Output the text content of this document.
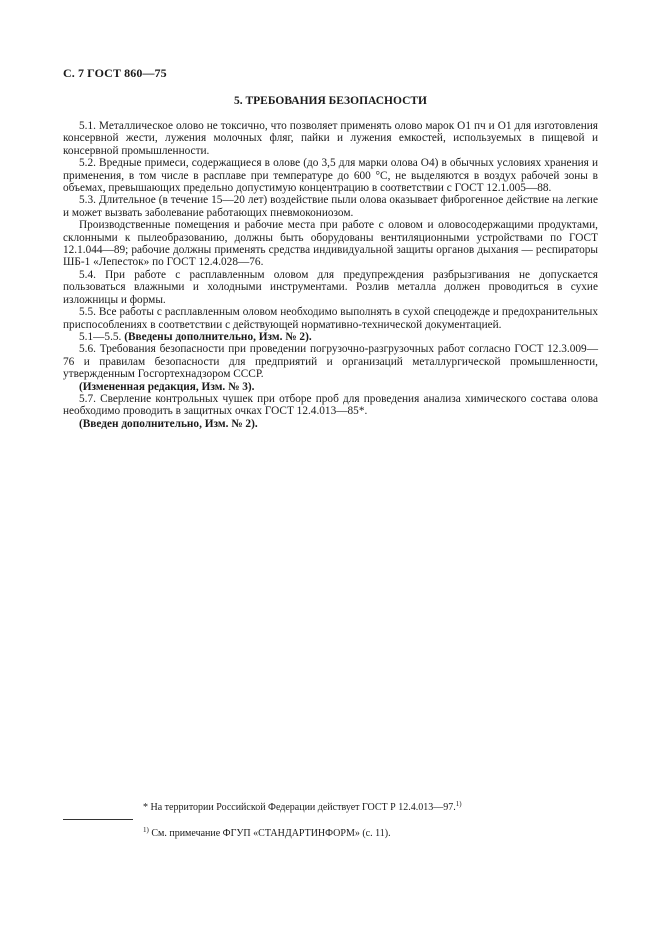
С. 7 ГОСТ 860—75
5. ТРЕБОВАНИЯ БЕЗОПАСНОСТИ

5.1. Металлическое олово не токсично, что позволяет применять олово марок О1 пч и О1 для изготовления консервной жести, лужения молочных фляг, пайки и лужения емкостей, используемых в пищевой и консервной промышленности.

5.2. Вредные примеси, содержащиеся в олове (до 3,5 для марки олова О4) в обычных условиях хранения и применения, в том числе в расплаве при температуре до 600 °С, не выделяются в воздух рабочей зоны в объемах, превышающих предельно допустимую концентрацию в соответствии с ГОСТ 12.1.005—88.

5.3. Длительное (в течение 15—20 лет) воздействие пыли олова оказывает фиброгенное действие на легкие и может вызвать заболевание работающих пневмокониозом.

Производственные помещения и рабочие места при работе с оловом и оловосодержащими продуктами, склонными к пылеобразованию, должны быть оборудованы вентиляционными устройствами по ГОСТ 12.1.044—89; рабочие должны применять средства индивидуальной защиты органов дыхания — респираторы ШБ-1 «Лепесток» по ГОСТ 12.4.028—76.

5.4. При работе с расплавленным оловом для предупреждения разбрызгивания не допускается пользоваться влажными и холодными инструментами. Розлив металла должен проводиться в сухие изложницы и формы.

5.5. Все работы с расплавленным оловом необходимо выполнять в сухой спецодежде и предохранительных приспособлениях в соответствии с действующей нормативно-технической документацией.

5.1—5.5. (Введены дополнительно, Изм. № 2).

5.6. Требования безопасности при проведении погрузочно-разгрузочных работ согласно ГОСТ 12.3.009—76 и правилам безопасности для предприятий и организаций металлургической промышленности, утвержденным Госгортехнадзором СССР.

(Измененная редакция, Изм. № 3).

5.7. Сверление контрольных чушек при отборе проб для проведения анализа химического состава олова необходимо проводить в защитных очках ГОСТ 12.4.013—85*.

(Введен дополнительно, Изм. № 2).

* На территории Российской Федерации действует ГОСТ Р 12.4.013—97.$^{1)}$
$^{1)}$ См. примечание ФГУП «СТАНДАРТИНФОРМ» (с. 11).
